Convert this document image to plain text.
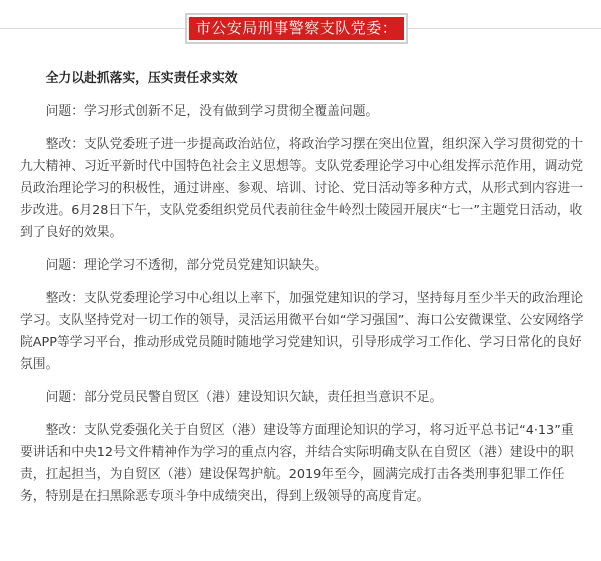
市公安局刑事警察支队党委：

全力以赴抓落实，压实责任求实效

问题：学习形式创新不足，没有做到学习贯彻全覆盖问题。

整改：支队党委班子进一步提高政治站位，将政治学习摆在突出位置，组织深入学习贯彻党的十九大精神、习近平新时代中国特色社会主义思想等。支队党委理论学习中心组发挥示范作用，调动党员政治理论学习的积极性，通过讲座、参观、培训、讨论、党日活动等多种方式，从形式到内容进一步改进。6月28日下午，支队党委组织党员代表前往金牛岭烈士陵园开展庆“七一”主题党日活动，收到了良好的效果。

问题：理论学习不透彻，部分党员党建知识缺失。

整改：支队党委理论学习中心组以上率下，加强党建知识的学习，坚持每月至少半天的政治理论学习。支队坚持党对一切工作的领导，灵活运用微平台如“学习强国”、海口公安微课堂、公安网络学院APP等学习平台，推动形成党员随时随地学习党建知识，引导形成学习工作化、学习日常化的良好氛围。

问题：部分党员民警自贸区（港）建设知识欠缺，责任担当意识不足。

整改：支队党委强化关于自贸区（港）建设等方面理论知识的学习，将习近平总书记“4·13”重要讲话和中央12号文件精神作为学习的重点内容，并结合实际明确支队在自贸区（港）建设中的职责，扛起担当，为自贸区（港）建设保驾护航。2019年至今，圆满完成打击各类刑事犯罪工作任务，特别是在扫黑除恶专项斗争中成绩突出，得到上级领导的高度肯定。
